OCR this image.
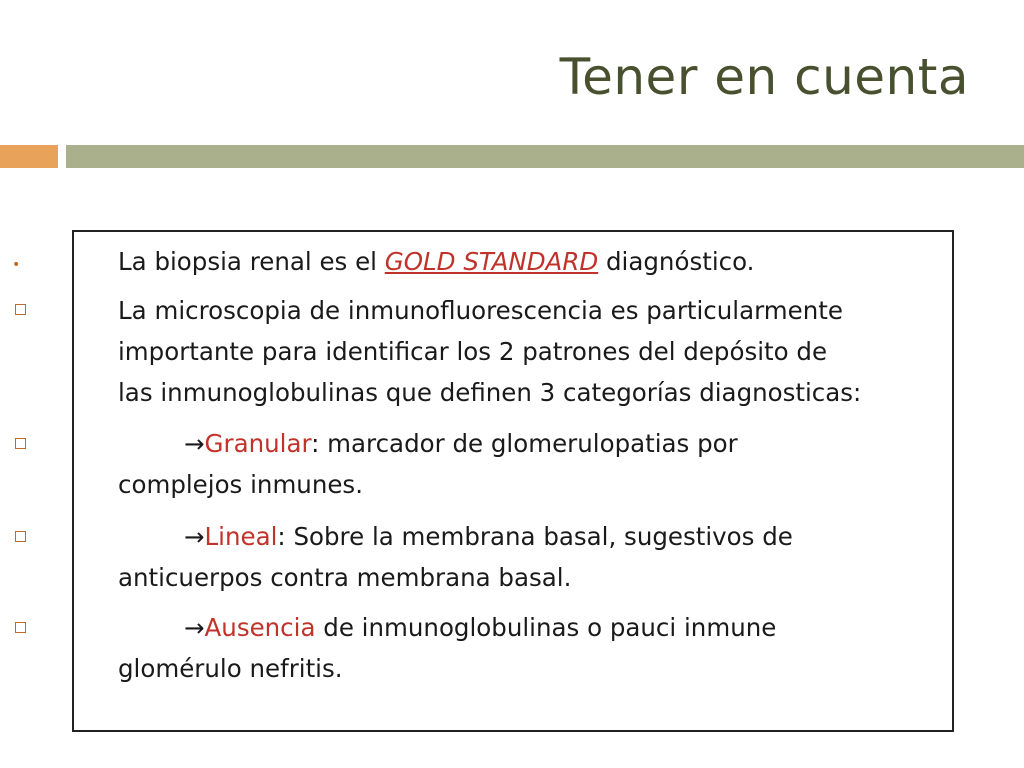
Tener en cuenta
•	La biopsia renal es el GOLD STANDARD diagnóstico.
La microscopia de inmunofluorescencia es particularmente
importante para identificar los 2 patrones del depósito de
las inmunoglobulinas que definen 3 categorías diagnosticas:
→Granular: marcador de glomerulopatias por
complejos inmunes.
→Lineal: Sobre la membrana basal, sugestivos de
anticuerpos contra membrana basal.
→Ausencia de inmunoglobulinas o pauci inmune
glomérulo nefritis.
